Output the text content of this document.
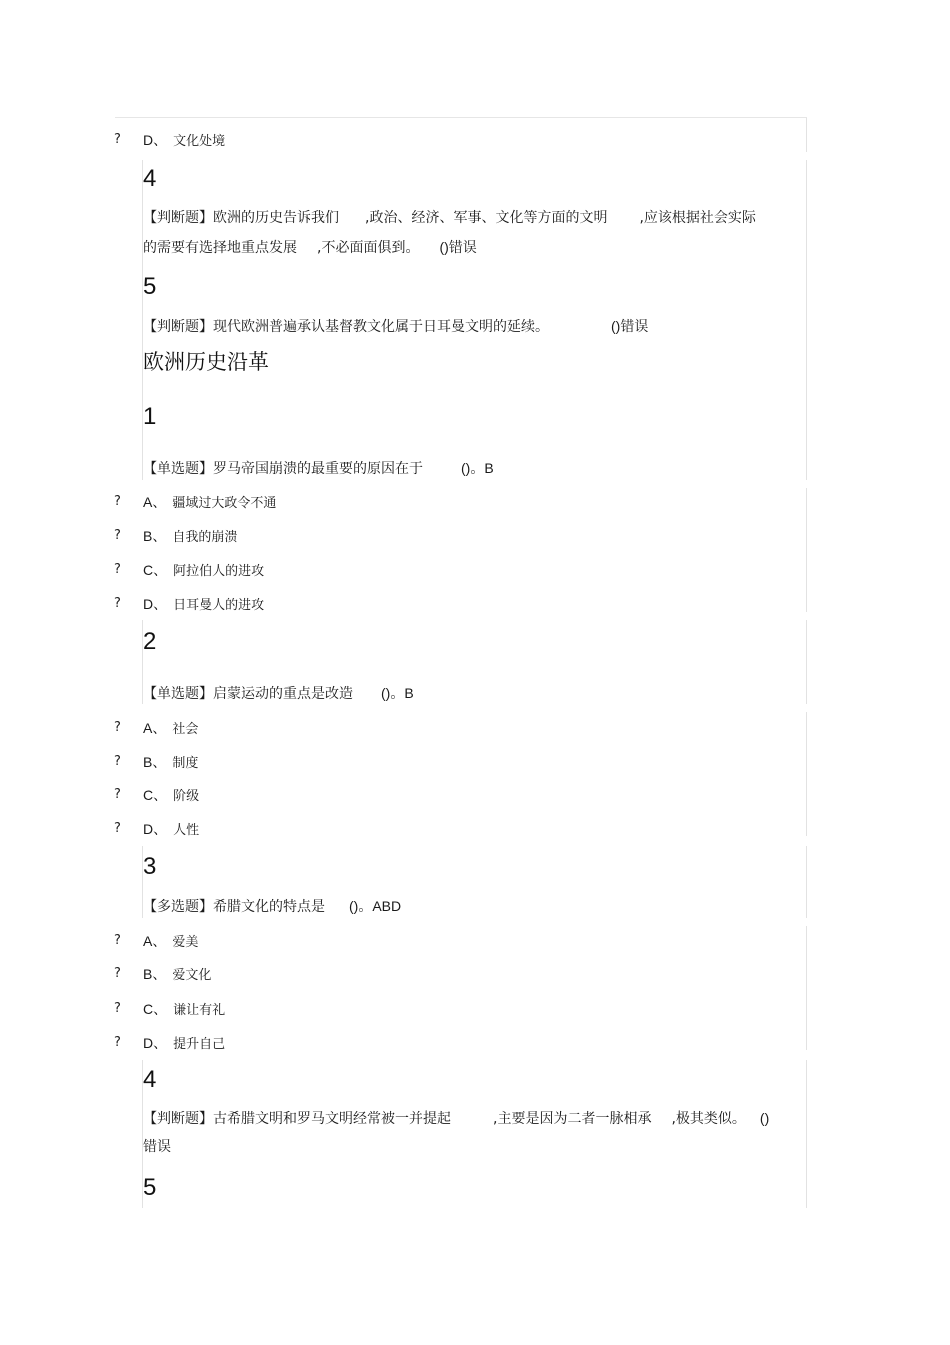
? D、 文化处境
4
【判断题】欧洲的历史告诉我们 ,政治、经济、军事、文化等方面的文明 ,应该根据社会实际
的需要有选择地重点发展 ,不必面面俱到。 ()错误
5
【判断题】现代欧洲普遍承认基督教文化属于日耳曼文明的延续。	()错误
欧洲历史沿革
1
【单选题】罗马帝国崩溃的最重要的原因在于	()。B
? A、 疆域过大政令不通
? B、 自我的崩溃
? C、 阿拉伯人的进攻
? D、 日耳曼人的进攻
2
【单选题】启蒙运动的重点是改造 ()。B
? A、 社会
? B、 制度
? C、 阶级
? D、 人性
3
【多选题】希腊文化的特点是 ()。ABD
? A、 爱美
? B、 爱文化
? C、 谦让有礼
? D、 提升自己
4
【判断题】古希腊文明和罗马文明经常被一并提起	,主要是因为二者一脉相承 ,极其类似。 ()
错误
5
